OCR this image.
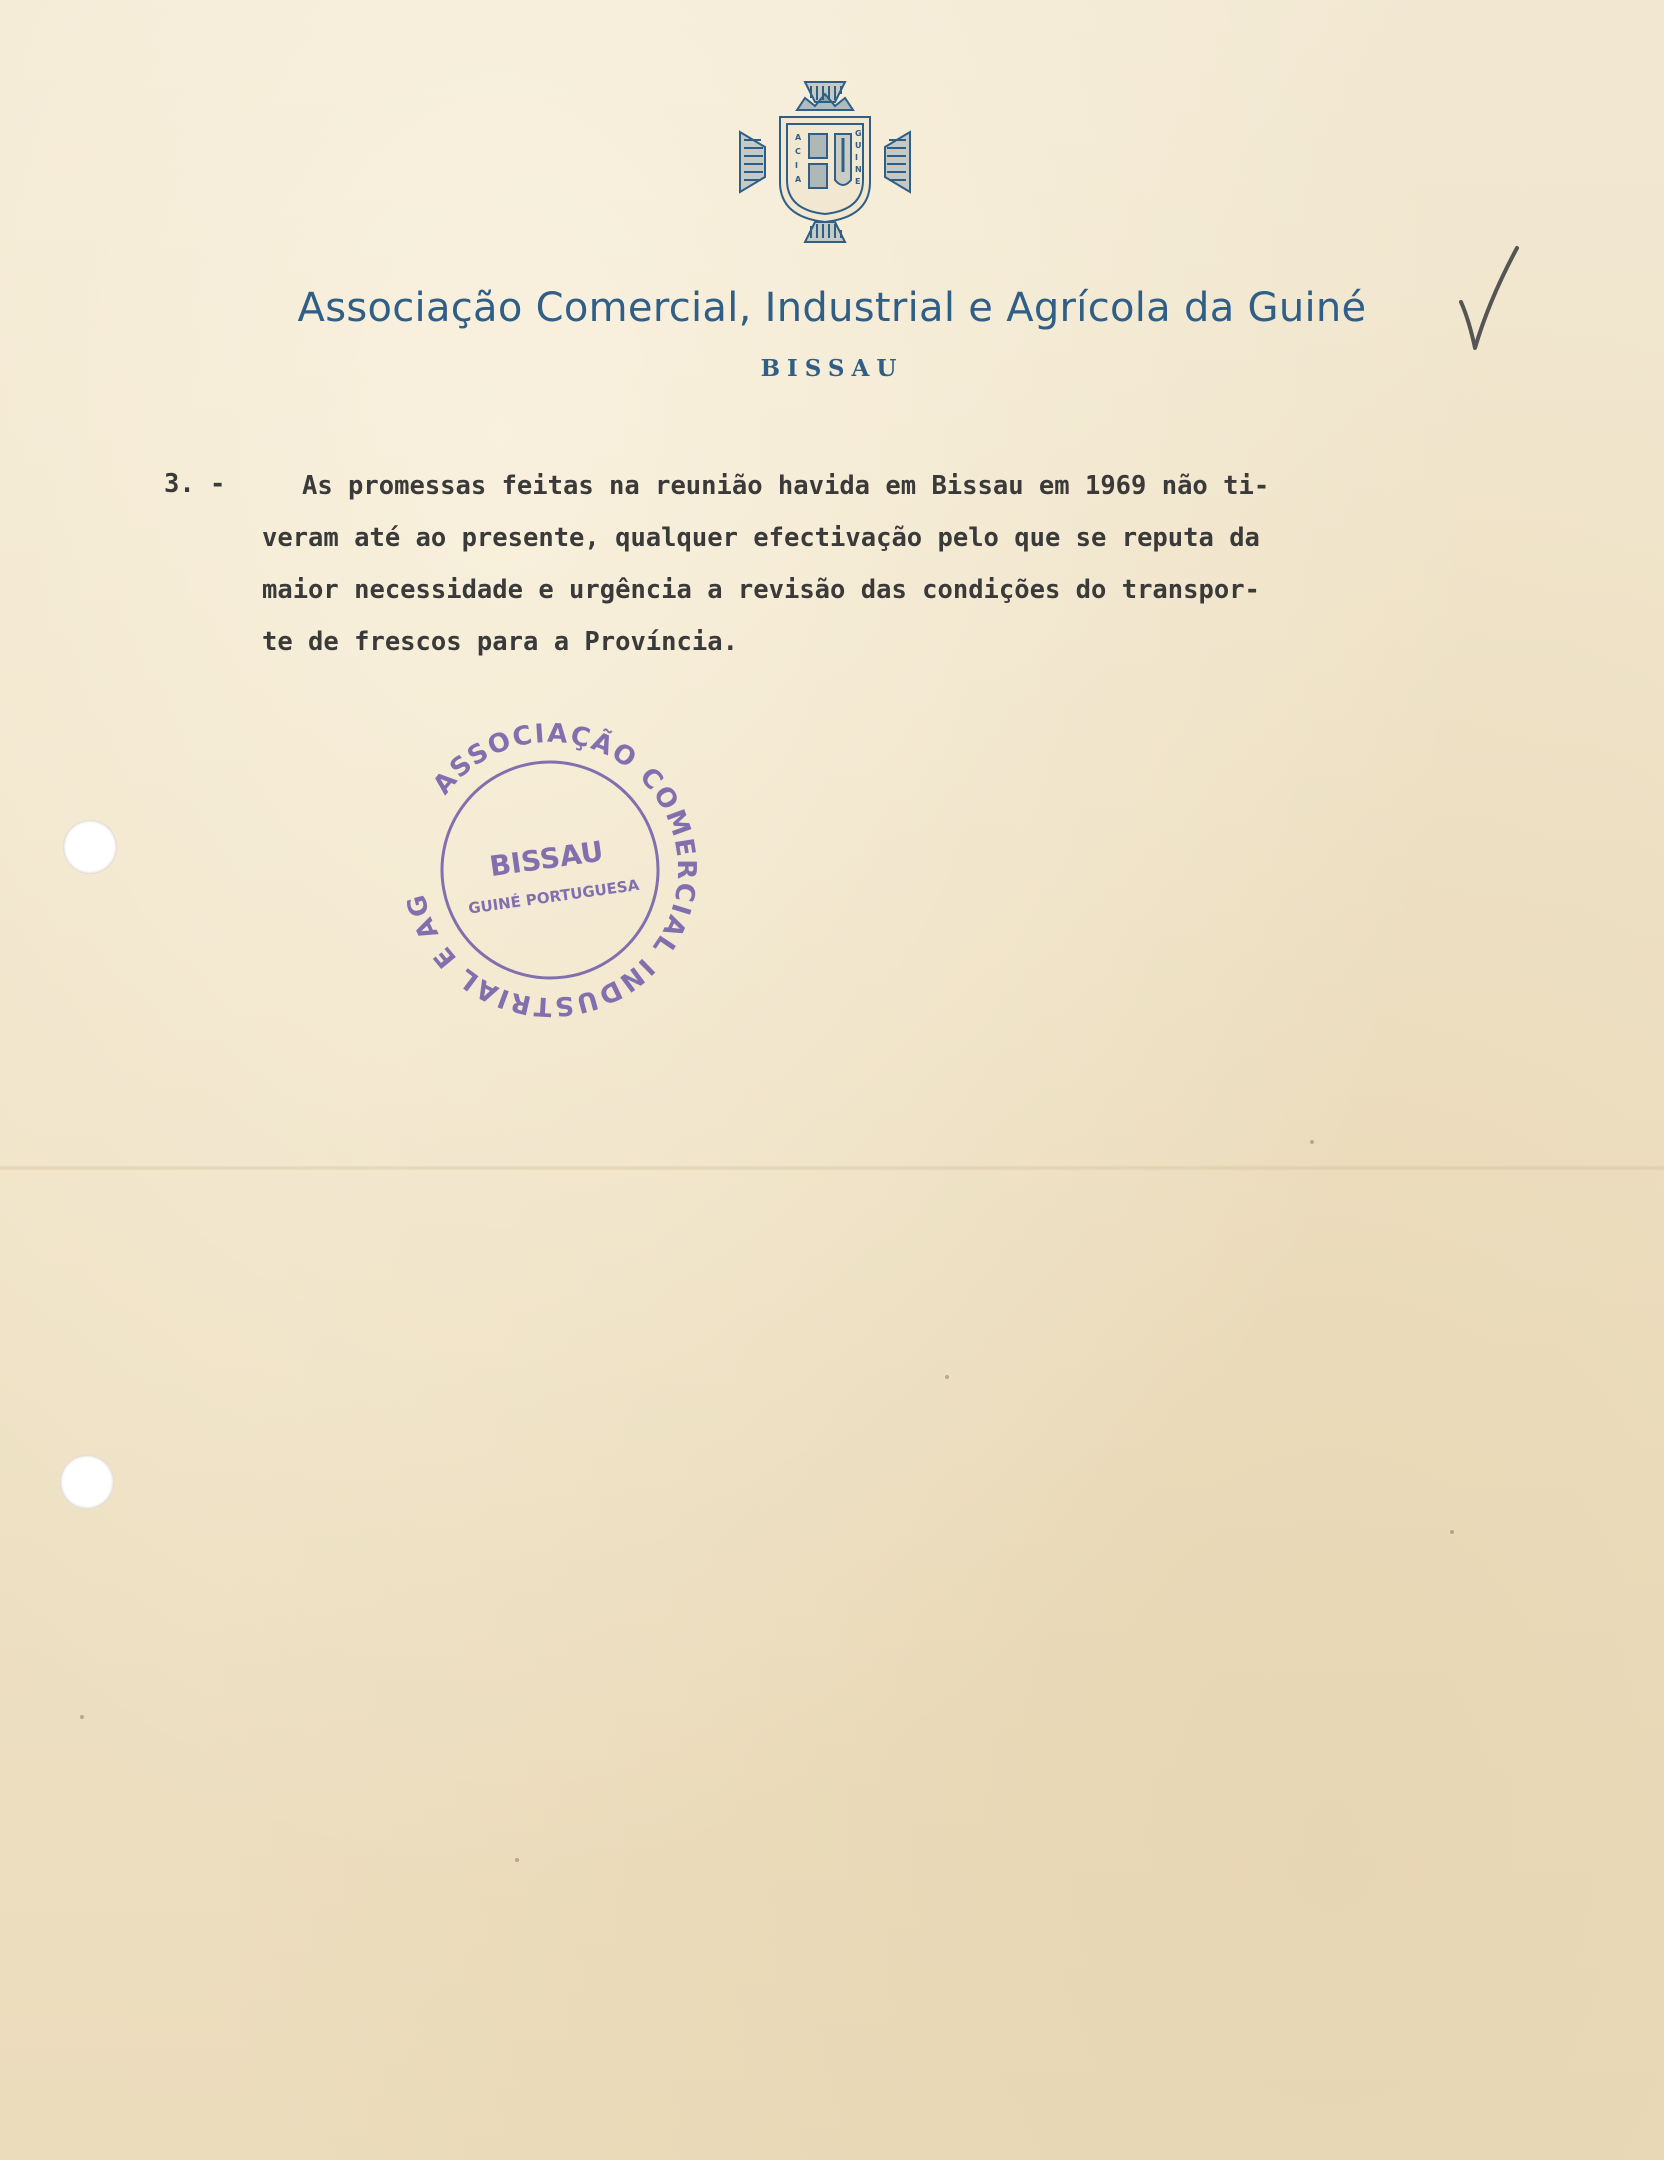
A
C
I
A
G
U
I
N
E
Associação Comercial, Industrial e Agrícola da Guiné
BISSAU
3. -	As promessas feitas na reunião havida em Bissau em 1969 não ti-
veram até ao presente, qualquer efectivação pelo que se reputa da
maior necessidade e urgência a revisão das condições do transpor-
te de frescos para a Província.
ASSOCIAÇÃO COMERCIAL INDUSTRIAL E AGRÍCOLA
BISSAU
GUINÉ PORTUGUESA
